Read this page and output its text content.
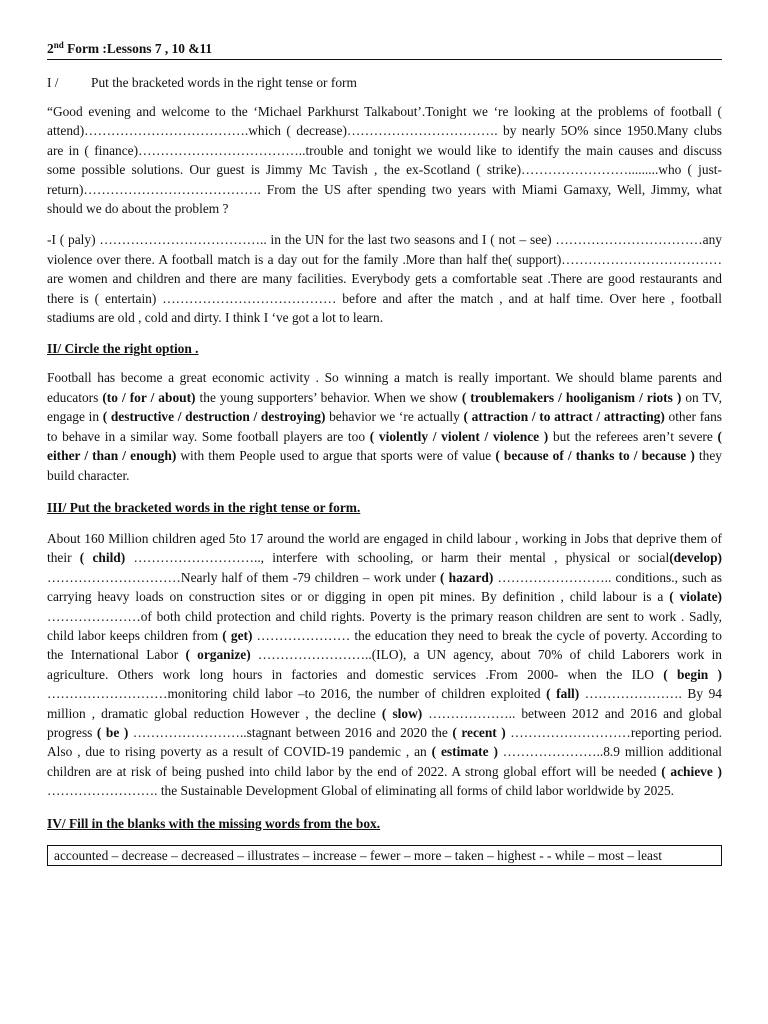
2nd Form :Lessons 7 , 10 &11
I / Put the bracketed words in the right tense or form

“Good evening and welcome to the ‘Michael Parkhurst Talkabout’.Tonight we ‘re looking at the problems of football ( attend)……………………………….which ( decrease)……………………………. by nearly 5O% since 1950.Many clubs are in ( finance)………………………………..trouble and tonight we would like to identify the main causes and discuss some possible solutions. Our guest is Jimmy Mc Tavish , the ex-Scotland ( strike)…………………….........who ( just-return)…………………………………. From the US after spending two years with Miami Gamaxy, Well, Jimmy, what should we do about the problem ?

-I ( paly) ……………………………….. in the UN for the last two seasons and I ( not – see) ……………………………any violence over there. A football match is a day out for the family .More than half the( support)………………………………are women and children and there are many facilities. Everybody gets a comfortable seat .There are good restaurants and there is ( entertain) ………………………………… before and after the match , and at half time. Over here , football stadiums are old , cold and dirty. I think I ‘ve got a lot to learn.

II/ Circle the right option .

Football has become a great economic activity . So winning a match is really important. We should blame parents and educators (to / for / about) the young supporters’ behavior. When we show ( troublemakers / hooliganism / riots ) on TV, engage in ( destructive / destruction / destroying) behavior we ‘re actually ( attraction / to attract / attracting) other fans to behave in a similar way. Some football players are too ( violently / violent / violence ) but the referees aren’t severe ( either / than / enough) with them People used to argue that sports were of value ( because of / thanks to / because ) they build character.

III/ Put the bracketed words in the right tense or form.

About 160 Million children aged 5to 17 around the world are engaged in child labour , working in Jobs that deprive them of their ( child) ……………………….., interfere with schooling, or harm their mental , physical or social(develop) …………………………Nearly half of them -79 children – work under ( hazard) …………………….. conditions., such as carrying heavy loads on construction sites or or digging in open pit mines. By definition , child labour is a ( violate) …………………of both child protection and child rights. Poverty is the primary reason children are sent to work . Sadly, child labor keeps children from ( get) ………………… the education they need to break the cycle of poverty. According to the International Labor ( organize) ……………………..(ILO), a UN agency, about 70% of child Laborers work in agriculture. Others work long hours in factories and domestic services .From 2000- when the ILO ( begin ) ………………………monitoring child labor –to 2016, the number of children exploited ( fall) …………………. By 94 million , dramatic global reduction However , the decline ( slow) ……………….. between 2012 and 2016 and global progress ( be ) ……………………..stagnant between 2016 and 2020 the ( recent ) ………………………reporting period. Also , due to rising poverty as a result of COVID-19 pandemic , an ( estimate ) …………………..8.9 million additional children are at risk of being pushed into child labor by the end of 2022. A strong global effort will be needed ( achieve ) ……………………. the Sustainable Development Global of eliminating all forms of child labor worldwide by 2025.

IV/ Fill in the blanks with the missing words from the box.
accounted – decrease – decreased – illustrates – increase – fewer – more – taken – highest - - while – most – least
